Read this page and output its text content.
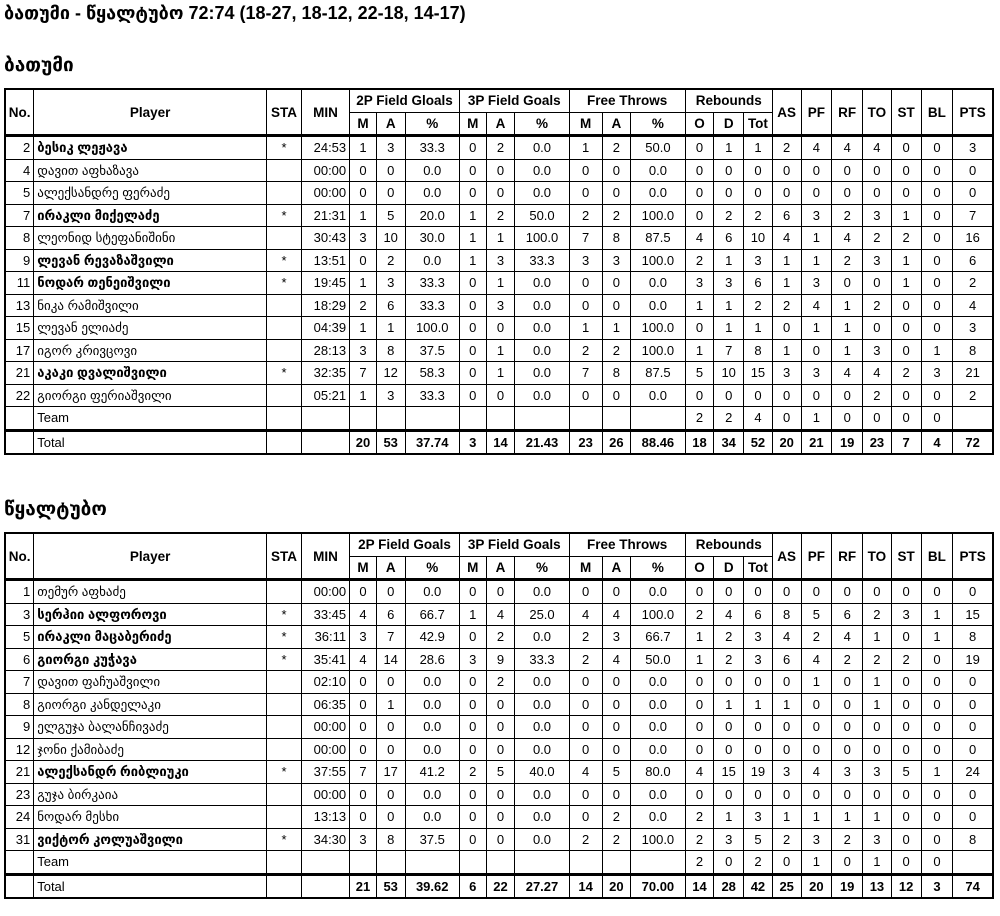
ბათუმი - წყალტუბო 72:74 (18-27, 18-12, 22-18, 14-17)
ბათუმი
No.	Player	STA	MIN	2P Field Gloals			3P Field Goals			Free Throws			Rebounds			AS	PF	RF	TO	ST	BL	PTS
				M	A	%	M	A	%	M	A	%	O	D	Tot							
2	ბესიკ ლეჟავა	*	24:53	1	3	33.3	0	2	0.0	1	2	50.0	0	1	1	2	4	4	4	0	0	3
4	დავით აფხაზავა		00:00	0	0	0.0	0	0	0.0	0	0	0.0	0	0	0	0	0	0	0	0	0	0
5	ალექსანდრე ფერაძე		00:00	0	0	0.0	0	0	0.0	0	0	0.0	0	0	0	0	0	0	0	0	0	0
7	ირაკლი მიქელაძე	*	21:31	1	5	20.0	1	2	50.0	2	2	100.0	0	2	2	6	3	2	3	1	0	7
8	ლეონიდ სტეფანიშინი		30:43	3	10	30.0	1	1	100.0	7	8	87.5	4	6	10	4	1	4	2	2	0	16
9	ლევან რევაზაშვილი	*	13:51	0	2	0.0	1	3	33.3	3	3	100.0	2	1	3	1	1	2	3	1	0	6
11	ნოდარ თენეიშვილი	*	19:45	1	3	33.3	0	1	0.0	0	0	0.0	3	3	6	1	3	0	0	1	0	2
13	ნიკა რამიშვილი		18:29	2	6	33.3	0	3	0.0	0	0	0.0	1	1	2	2	4	1	2	0	0	4
15	ლევან ელიაძე		04:39	1	1	100.0	0	0	0.0	1	1	100.0	0	1	1	0	1	1	0	0	0	3
17	იგორ კრივცოვი		28:13	3	8	37.5	0	1	0.0	2	2	100.0	1	7	8	1	0	1	3	0	1	8
21	აკაკი დვალიშვილი	*	32:35	7	12	58.3	0	1	0.0	7	8	87.5	5	10	15	3	3	4	4	2	3	21
22	გიორგი ფერიაშვილი		05:21	1	3	33.3	0	0	0.0	0	0	0.0	0	0	0	0	0	0	2	0	0	2
	Team												2	2	4	0	1	0	0	0	0	
	Total			20	53	37.74	3	14	21.43	23	26	88.46	18	34	52	20	21	19	23	7	4	72
წყალტუბო
No.	Player	STA	MIN	2P Field Goals			3P Field Goals			Free Throws			Rebounds			AS	PF	RF	TO	ST	BL	PTS
				M	A	%	M	A	%	M	A	%	O	D	Tot							
1	თემურ აფხაძე		00:00	0	0	0.0	0	0	0.0	0	0	0.0	0	0	0	0	0	0	0	0	0	0
3	სერჰიი ალფოროვი	*	33:45	4	6	66.7	1	4	25.0	4	4	100.0	2	4	6	8	5	6	2	3	1	15
5	ირაკლი მაცაბერიძე	*	36:11	3	7	42.9	0	2	0.0	2	3	66.7	1	2	3	4	2	4	1	0	1	8
6	გიორგი კუჭავა	*	35:41	4	14	28.6	3	9	33.3	2	4	50.0	1	2	3	6	4	2	2	2	0	19
7	დავით ფაჩუაშვილი		02:10	0	0	0.0	0	2	0.0	0	0	0.0	0	0	0	0	1	0	1	0	0	0
8	გიორგი კანდელაკი		06:35	0	1	0.0	0	0	0.0	0	0	0.0	0	1	1	1	0	0	1	0	0	0
9	ელგუჯა ბალანჩივაძე		00:00	0	0	0.0	0	0	0.0	0	0	0.0	0	0	0	0	0	0	0	0	0	0
12	ჯონი ქამიბაძე		00:00	0	0	0.0	0	0	0.0	0	0	0.0	0	0	0	0	0	0	0	0	0	0
21	ალექსანდრ რიბლიუკი	*	37:55	7	17	41.2	2	5	40.0	4	5	80.0	4	15	19	3	4	3	3	5	1	24
23	გუჯა ბირკაია		00:00	0	0	0.0	0	0	0.0	0	0	0.0	0	0	0	0	0	0	0	0	0	0
24	ნოდარ მესხი		13:13	0	0	0.0	0	0	0.0	0	2	0.0	2	1	3	1	1	1	1	0	0	0
31	ვიქტორ კოლუაშვილი	*	34:30	3	8	37.5	0	0	0.0	2	2	100.0	2	3	5	2	3	2	3	0	0	8
	Team												2	0	2	0	1	0	1	0	0	
	Total			21	53	39.62	6	22	27.27	14	20	70.00	14	28	42	25	20	19	13	12	3	74
